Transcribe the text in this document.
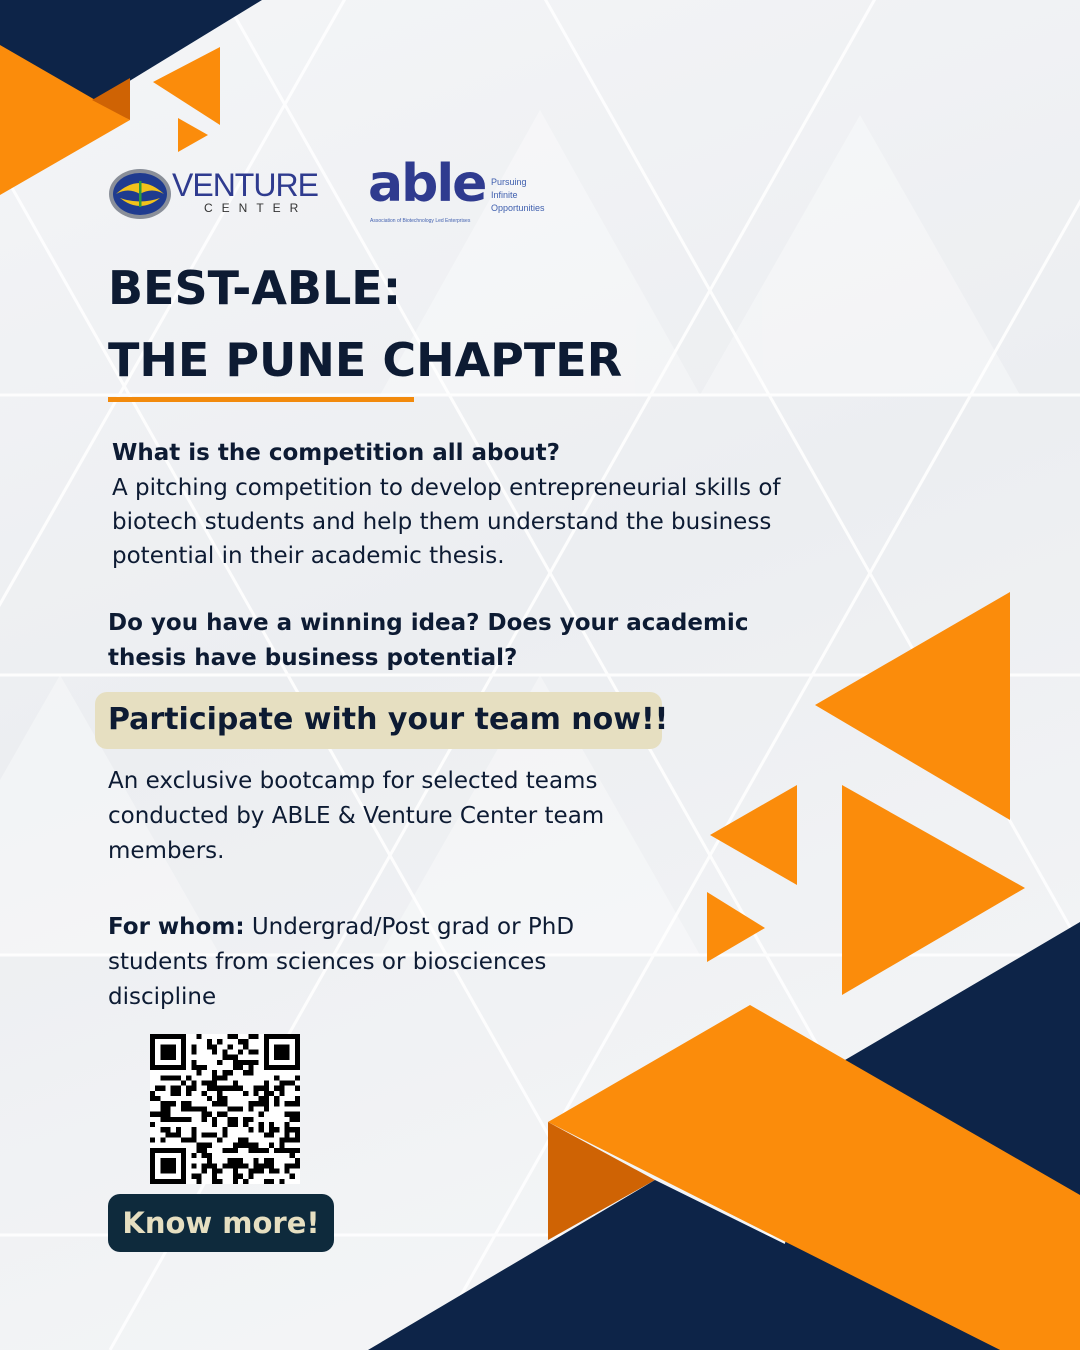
VENTURE
CENTER able Pursuing
Infinite
Opportunities
Association of Biotechnology Led Enterprises
BEST-ABLE:
THE PUNE CHAPTER
What is the competition all about?
A pitching competition to develop entrepreneurial skills of biotech students and help them understand the business potential in their academic thesis.
Do you have a winning idea? Does your academic thesis have business potential?
Participate with your team now!!
An exclusive bootcamp for selected teams conducted by ABLE & Venture Center team members.
For whom: Undergrad/Post grad or PhD students from sciences or biosciences discipline
Know more!
